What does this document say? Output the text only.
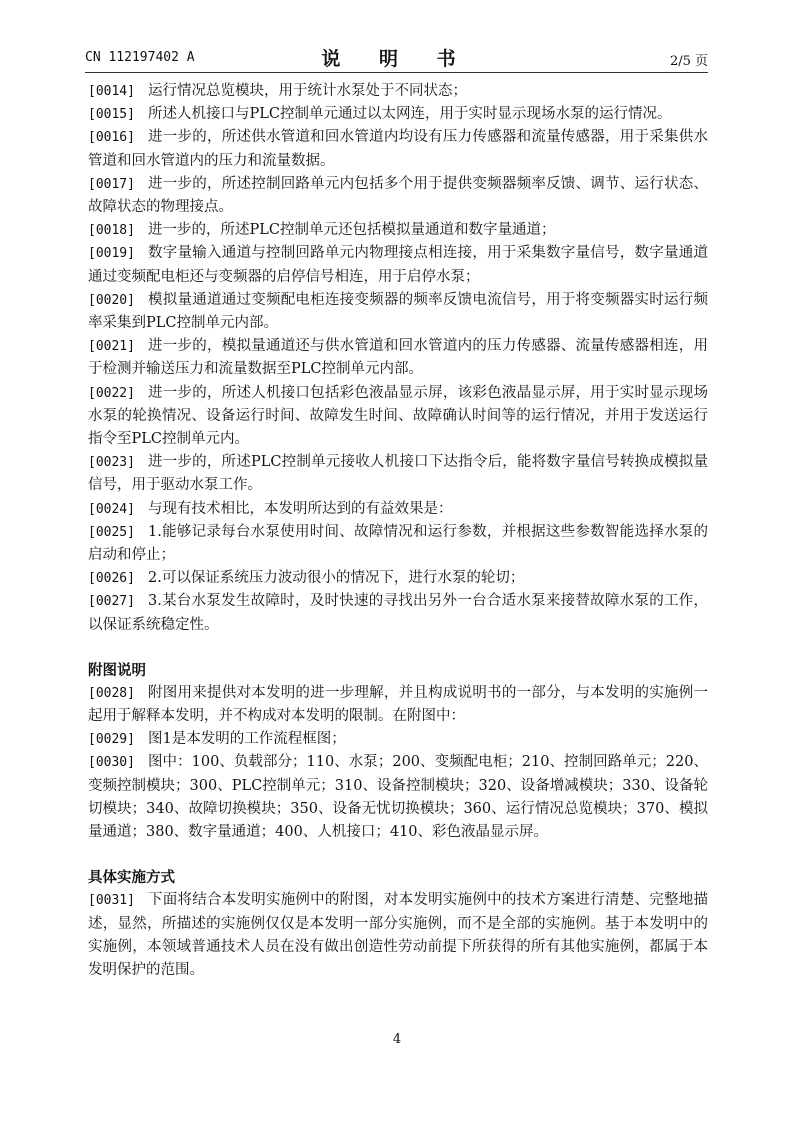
CN 112197402 A	说 明 书	2/5 页

[0014] 运行情况总览模块，用于统计水泵处于不同状态；

[0015] 所述人机接口与PLC控制单元通过以太网连，用于实时显示现场水泵的运行情况。

[0016] 进一步的，所述供水管道和回水管道内均设有压力传感器和流量传感器，用于采集供水管道和回水管道内的压力和流量数据。

[0017] 进一步的，所述控制回路单元内包括多个用于提供变频器频率反馈、调节、运行状态、故障状态的物理接点。

[0018] 进一步的，所述PLC控制单元还包括模拟量通道和数字量通道；

[0019] 数字量输入通道与控制回路单元内物理接点相连接，用于采集数字量信号，数字量通道通过变频配电柜还与变频器的启停信号相连，用于启停水泵；

[0020] 模拟量通道通过变频配电柜连接变频器的频率反馈电流信号，用于将变频器实时运行频率采集到PLC控制单元内部。

[0021] 进一步的，模拟量通道还与供水管道和回水管道内的压力传感器、流量传感器相连，用于检测并输送压力和流量数据至PLC控制单元内部。

[0022] 进一步的，所述人机接口包括彩色液晶显示屏，该彩色液晶显示屏，用于实时显示现场水泵的轮换情况、设备运行时间、故障发生时间、故障确认时间等的运行情况，并用于发送运行指令至PLC控制单元内。

[0023] 进一步的，所述PLC控制单元接收人机接口下达指令后，能将数字量信号转换成模拟量信号，用于驱动水泵工作。

[0024] 与现有技术相比，本发明所达到的有益效果是：

[0025] 1.能够记录每台水泵使用时间、故障情况和运行参数，并根据这些参数智能选择水泵的启动和停止；

[0026] 2.可以保证系统压力波动很小的情况下，进行水泵的轮切；

[0027] 3.某台水泵发生故障时，及时快速的寻找出另外一台合适水泵来接替故障水泵的工作，以保证系统稳定性。

附图说明

[0028] 附图用来提供对本发明的进一步理解，并且构成说明书的一部分，与本发明的实施例一起用于解释本发明，并不构成对本发明的限制。在附图中：

[0029] 图1是本发明的工作流程框图；

[0030] 图中：100、负载部分；110、水泵；200、变频配电柜；210、控制回路单元；220、变频控制模块；300、PLC控制单元；310、设备控制模块；320、设备增减模块；330、设备轮切模块；340、故障切换模块；350、设备无忧切换模块；360、运行情况总览模块；370、模拟量通道；380、数字量通道；400、人机接口；410、彩色液晶显示屏。

具体实施方式

[0031] 下面将结合本发明实施例中的附图，对本发明实施例中的技术方案进行清楚、完整地描述，显然，所描述的实施例仅仅是本发明一部分实施例，而不是全部的实施例。基于本发明中的实施例，本领域普通技术人员在没有做出创造性劳动前提下所获得的所有其他实施例，都属于本发明保护的范围。

4
